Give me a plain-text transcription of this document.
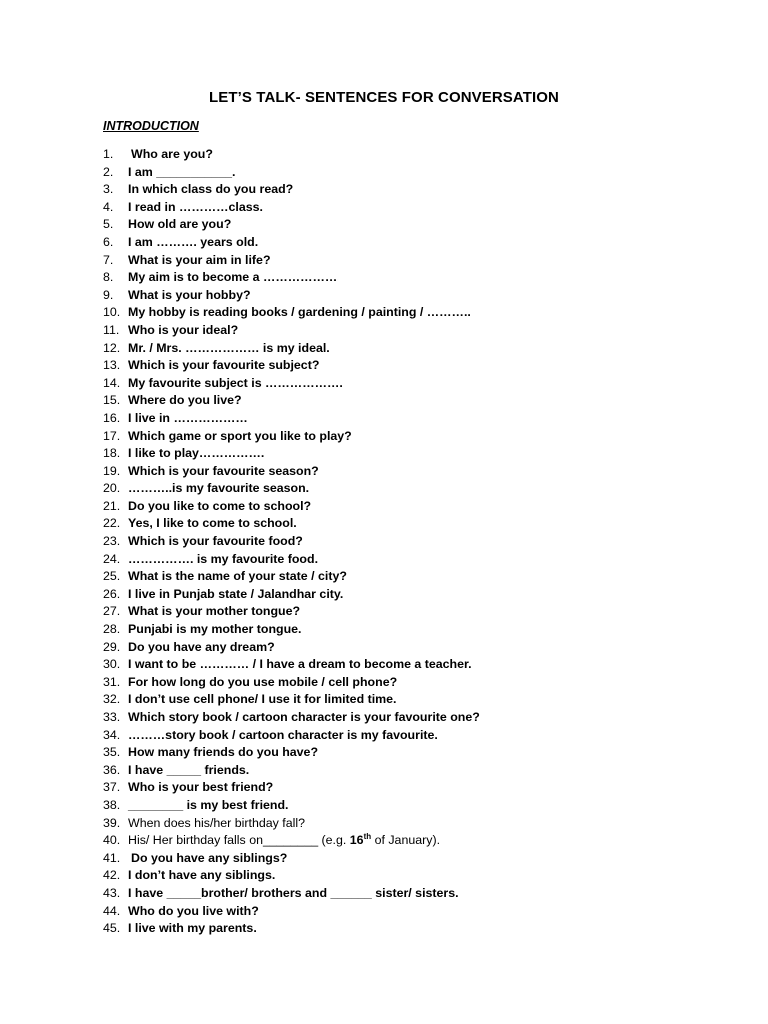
LET’S TALK- SENTENCES FOR CONVERSATION
INTRODUCTION
1.	Who are you?
2.	I am ___________.
3.	In which class do you read?
4.	I read in …………class.
5.	How old are you?
6.	I am ………. years old.
7.	What is your aim in life?
8.	My aim is to become a ………………
9.	What is your hobby?
10. My hobby is reading books / gardening / painting / ………..
11. Who is your ideal?
12. Mr. / Mrs. ……………… is my ideal.
13. Which is your favourite subject?
14. My favourite subject is ……………….
15. Where do you live?
16. I live in ………………
17. Which game or sport you like to play?
18. I like to play…………….
19. Which is your favourite season?
20. ………..is my favourite season.
21. Do you like to come to school?
22. Yes, I like to come to school.
23. Which is your favourite food?
24. ……………. is my favourite food.
25. What is the name of your state / city?
26. I live in Punjab state / Jalandhar city.
27. What is your mother tongue?
28. Punjabi is my mother tongue.
29. Do you have any dream?
30. I want to be ………… / I have a dream to become a teacher.
31. For how long do you use mobile / cell phone?
32. I don’t use cell phone/ I use it for limited time.
33. Which story book / cartoon character is your favourite one?
34. ………story book / cartoon character is my favourite.
35. How many friends do you have?
36. I have _____ friends.
37. Who is your best friend?
38. ________ is my best friend.
39. When does his/her birthday fall?
40. His/ Her birthday falls on________ (e.g. 16th of January).
41. Do you have any siblings?
42. I don’t have any siblings.
43. I have _____brother/ brothers and ______ sister/ sisters.
44. Who do you live with?
45. I live with my parents.
